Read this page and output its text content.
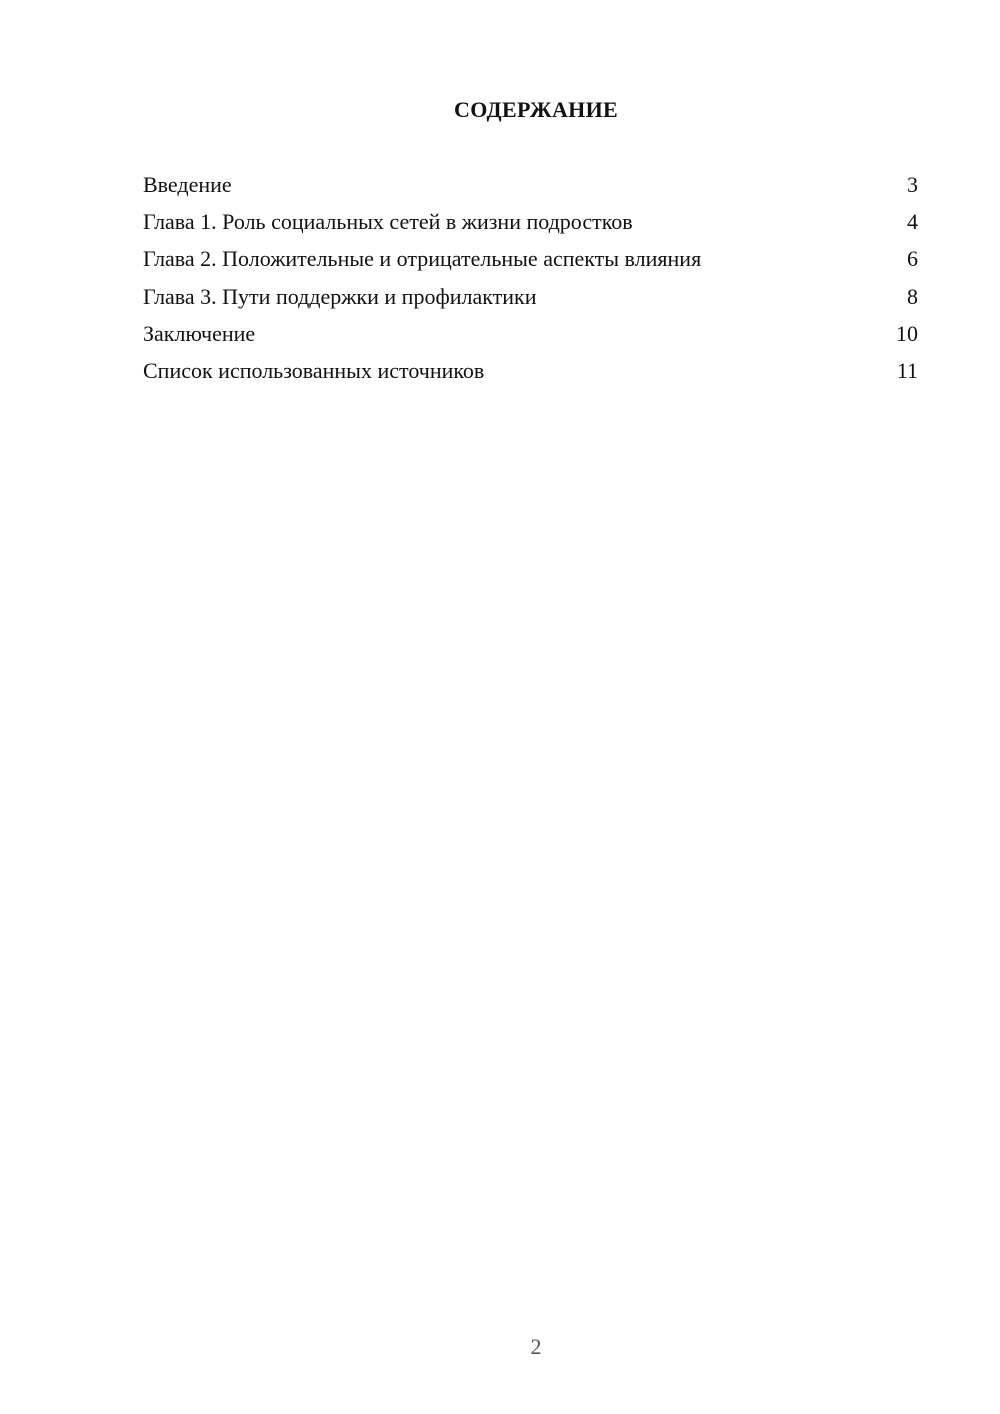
СОДЕРЖАНИЕ
Введение	3
Глава 1. Роль социальных сетей в жизни подростков	4
Глава 2. Положительные и отрицательные аспекты влияния	6
Глава 3. Пути поддержки и профилактики	8
Заключение	10
Список использованных источников	11
2
